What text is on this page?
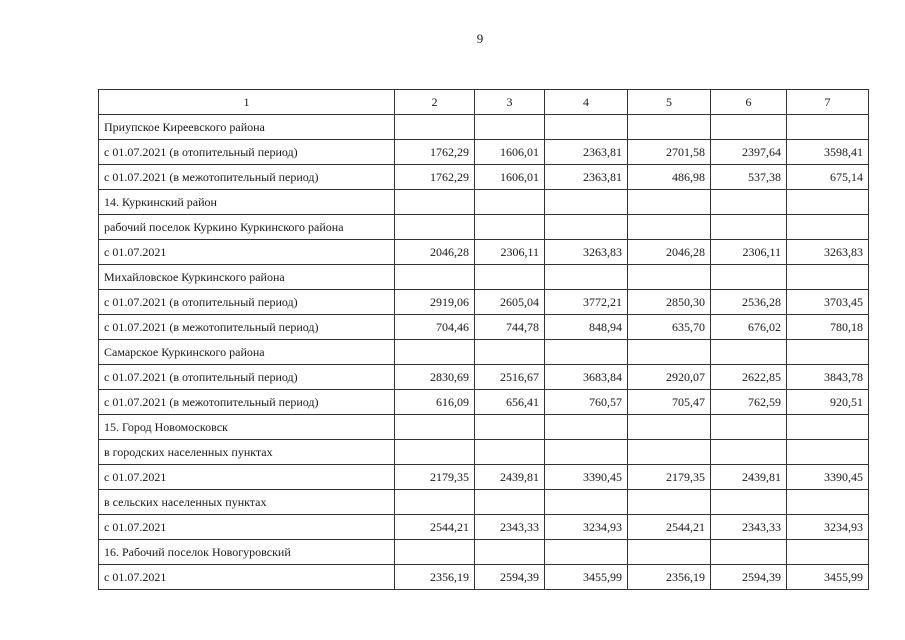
9
1	2	3	4	5	6	7
Приупское Киреевского района						
с 01.07.2021 (в отопительный период)	1762,29	1606,01	2363,81	2701,58	2397,64	3598,41
с 01.07.2021 (в межотопительный период)	1762,29	1606,01	2363,81	486,98	537,38	675,14
14. Куркинский район						
рабочий поселок Куркино Куркинского района						
с 01.07.2021	2046,28	2306,11	3263,83	2046,28	2306,11	3263,83
Михайловское Куркинского района						
с 01.07.2021 (в отопительный период)	2919,06	2605,04	3772,21	2850,30	2536,28	3703,45
с 01.07.2021 (в межотопительный период)	704,46	744,78	848,94	635,70	676,02	780,18
Самарское Куркинского района						
с 01.07.2021 (в отопительный период)	2830,69	2516,67	3683,84	2920,07	2622,85	3843,78
с 01.07.2021 (в межотопительный период)	616,09	656,41	760,57	705,47	762,59	920,51
15. Город Новомосковск						
в городских населенных пунктах						
с 01.07.2021	2179,35	2439,81	3390,45	2179,35	2439,81	3390,45
в сельских населенных пунктах						
с 01.07.2021	2544,21	2343,33	3234,93	2544,21	2343,33	3234,93
16. Рабочий поселок Новогуровский						
с 01.07.2021	2356,19	2594,39	3455,99	2356,19	2594,39	3455,99
